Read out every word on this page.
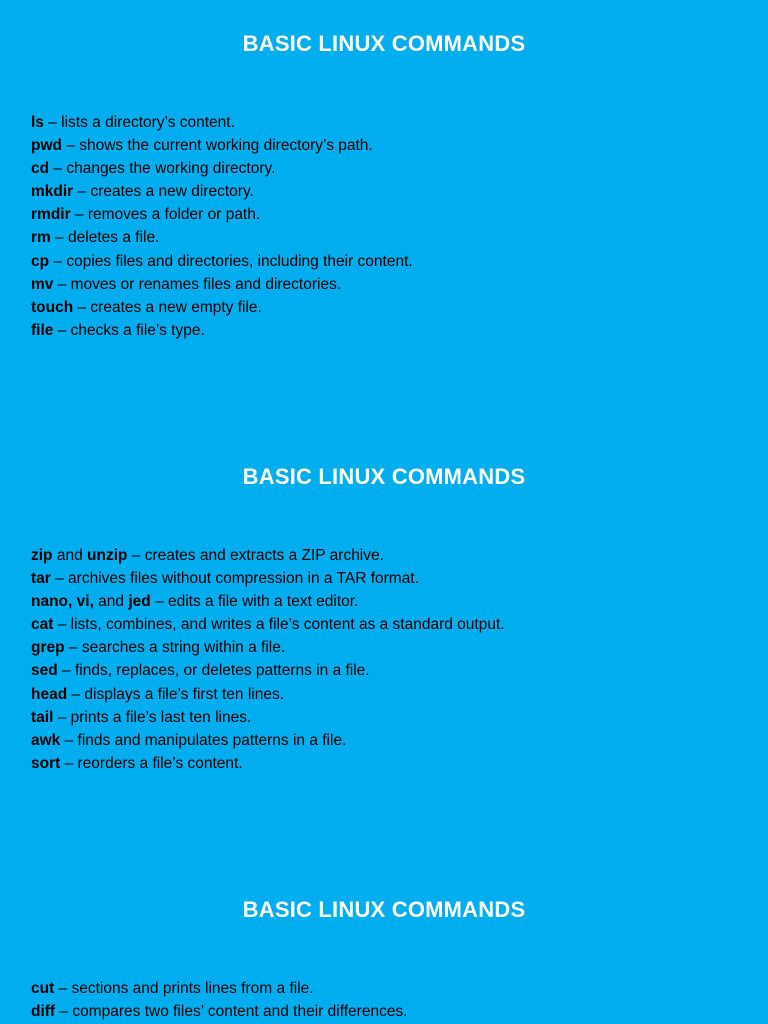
BASIC LINUX COMMANDS
ls – lists a directory’s content.
pwd – shows the current working directory’s path.
cd – changes the working directory.
mkdir – creates a new directory.
rmdir – removes a folder or path.
rm – deletes a file.
cp – copies files and directories, including their content.
mv – moves or renames files and directories.
touch – creates a new empty file.
file – checks a file’s type.
BASIC LINUX COMMANDS
zip and unzip – creates and extracts a ZIP archive.
tar – archives files without compression in a TAR format.
nano, vi, and jed – edits a file with a text editor.
cat – lists, combines, and writes a file’s content as a standard output.
grep – searches a string within a file.
sed – finds, replaces, or deletes patterns in a file.
head – displays a file’s first ten lines.
tail – prints a file’s last ten lines.
awk – finds and manipulates patterns in a file.
sort – reorders a file’s content.
BASIC LINUX COMMANDS
cut – sections and prints lines from a file.
diff – compares two files’ content and their differences.
